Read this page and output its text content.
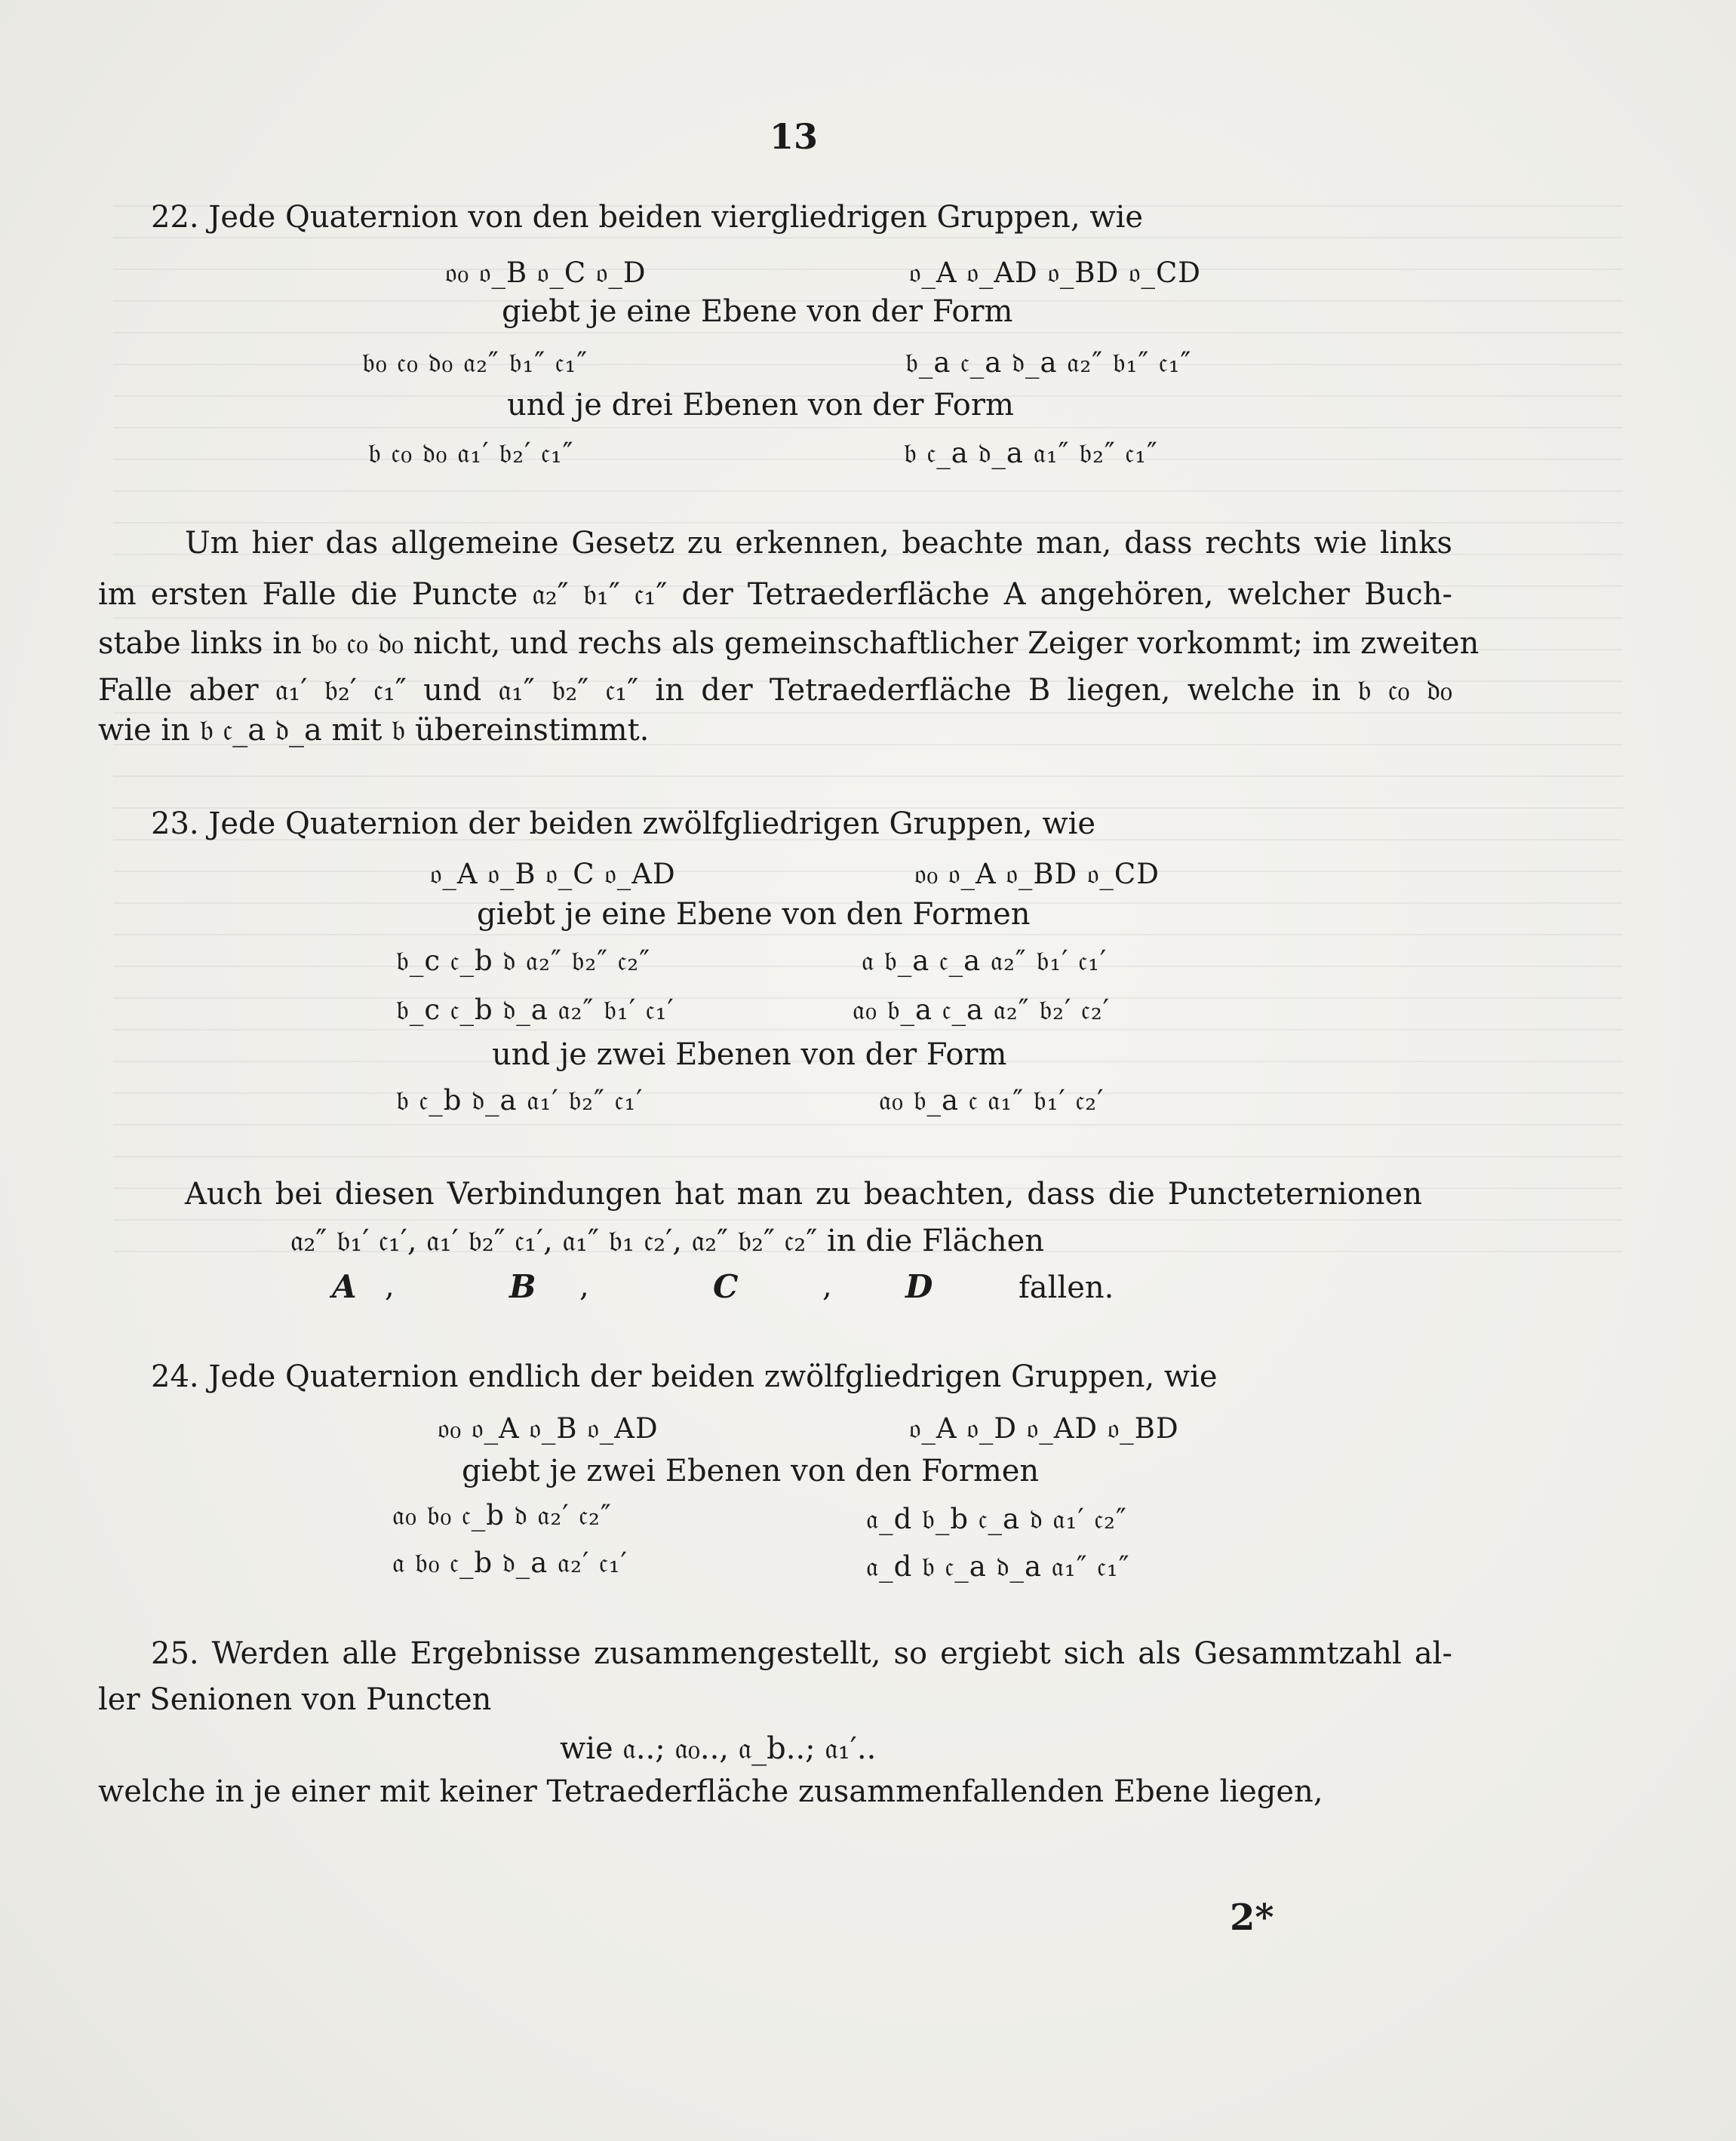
13
22. Jede Quaternion von den beiden viergliedrigen Gruppen, wie
𝔬₀ 𝔬_B 𝔬_C 𝔬_D	𝔬_A 𝔬_AD 𝔬_BD 𝔬_CD
giebt je eine Ebene von der Form
𝔟₀ 𝔠₀ 𝔡₀ 𝔞₂″ 𝔟₁″ 𝔠₁″	𝔟_a 𝔠_a 𝔡_a 𝔞₂″ 𝔟₁″ 𝔠₁″
und je drei Ebenen von der Form
𝔟 𝔠₀ 𝔡₀ 𝔞₁′ 𝔟₂′ 𝔠₁″	𝔟 𝔠_a 𝔡_a 𝔞₁″ 𝔟₂″ 𝔠₁″
Um hier das allgemeine Gesetz zu erkennen, beachte man, dass rechts wie links
im ersten Falle die Puncte 𝔞₂″ 𝔟₁″ 𝔠₁″ der Tetraederfläche A angehören, welcher Buch-
stabe links in 𝔟₀ 𝔠₀ 𝔡₀ nicht, und rechs als gemeinschaftlicher Zeiger vorkommt; im zweiten
Falle aber 𝔞₁′ 𝔟₂′ 𝔠₁″ und 𝔞₁″ 𝔟₂″ 𝔠₁″ in der Tetraederfläche B liegen, welche in 𝔟 𝔠₀ 𝔡₀
wie in 𝔟 𝔠_a 𝔡_a mit 𝔟 übereinstimmt.
23. Jede Quaternion der beiden zwölfgliedrigen Gruppen, wie
𝔬_A 𝔬_B 𝔬_C 𝔬_AD	𝔬₀ 𝔬_A 𝔬_BD 𝔬_CD
giebt je eine Ebene von den Formen
𝔟_c 𝔠_b 𝔡 𝔞₂″ 𝔟₂″ 𝔠₂″	𝔞 𝔟_a 𝔠_a 𝔞₂″ 𝔟₁′ 𝔠₁′
𝔟_c 𝔠_b 𝔡_a 𝔞₂″ 𝔟₁′ 𝔠₁′	𝔞₀ 𝔟_a 𝔠_a 𝔞₂″ 𝔟₂′ 𝔠₂′
und je zwei Ebenen von der Form
𝔟 𝔠_b 𝔡_a 𝔞₁′ 𝔟₂″ 𝔠₁′	𝔞₀ 𝔟_a 𝔠 𝔞₁″ 𝔟₁′ 𝔠₂′
Auch bei diesen Verbindungen hat man zu beachten, dass die Puncteternionen
𝔞₂″ 𝔟₁′ 𝔠₁′, 𝔞₁′ 𝔟₂″ 𝔠₁′, 𝔞₁″ 𝔟₁ 𝔠₂′, 𝔞₂″ 𝔟₂″ 𝔠₂″ in die Flächen
A ,	B ,	C	, D	fallen.
24. Jede Quaternion endlich der beiden zwölfgliedrigen Gruppen, wie
𝔬₀ 𝔬_A 𝔬_B 𝔬_AD	𝔬_A 𝔬_D 𝔬_AD 𝔬_BD
giebt je zwei Ebenen von den Formen
𝔞₀ 𝔟₀ 𝔠_b 𝔡 𝔞₂′ 𝔠₂″	𝔞_d 𝔟_b 𝔠_a 𝔡 𝔞₁′ 𝔠₂″
𝔞 𝔟₀ 𝔠_b 𝔡_a 𝔞₂′ 𝔠₁′	𝔞_d 𝔟 𝔠_a 𝔡_a 𝔞₁″ 𝔠₁″
25. Werden alle Ergebnisse zusammengestellt, so ergiebt sich als Gesammtzahl al-
ler Senionen von Puncten
wie 𝔞..; 𝔞₀.., 𝔞_b..; 𝔞₁′..
welche in je einer mit keiner Tetraederfläche zusammenfallenden Ebene liegen,
2*
